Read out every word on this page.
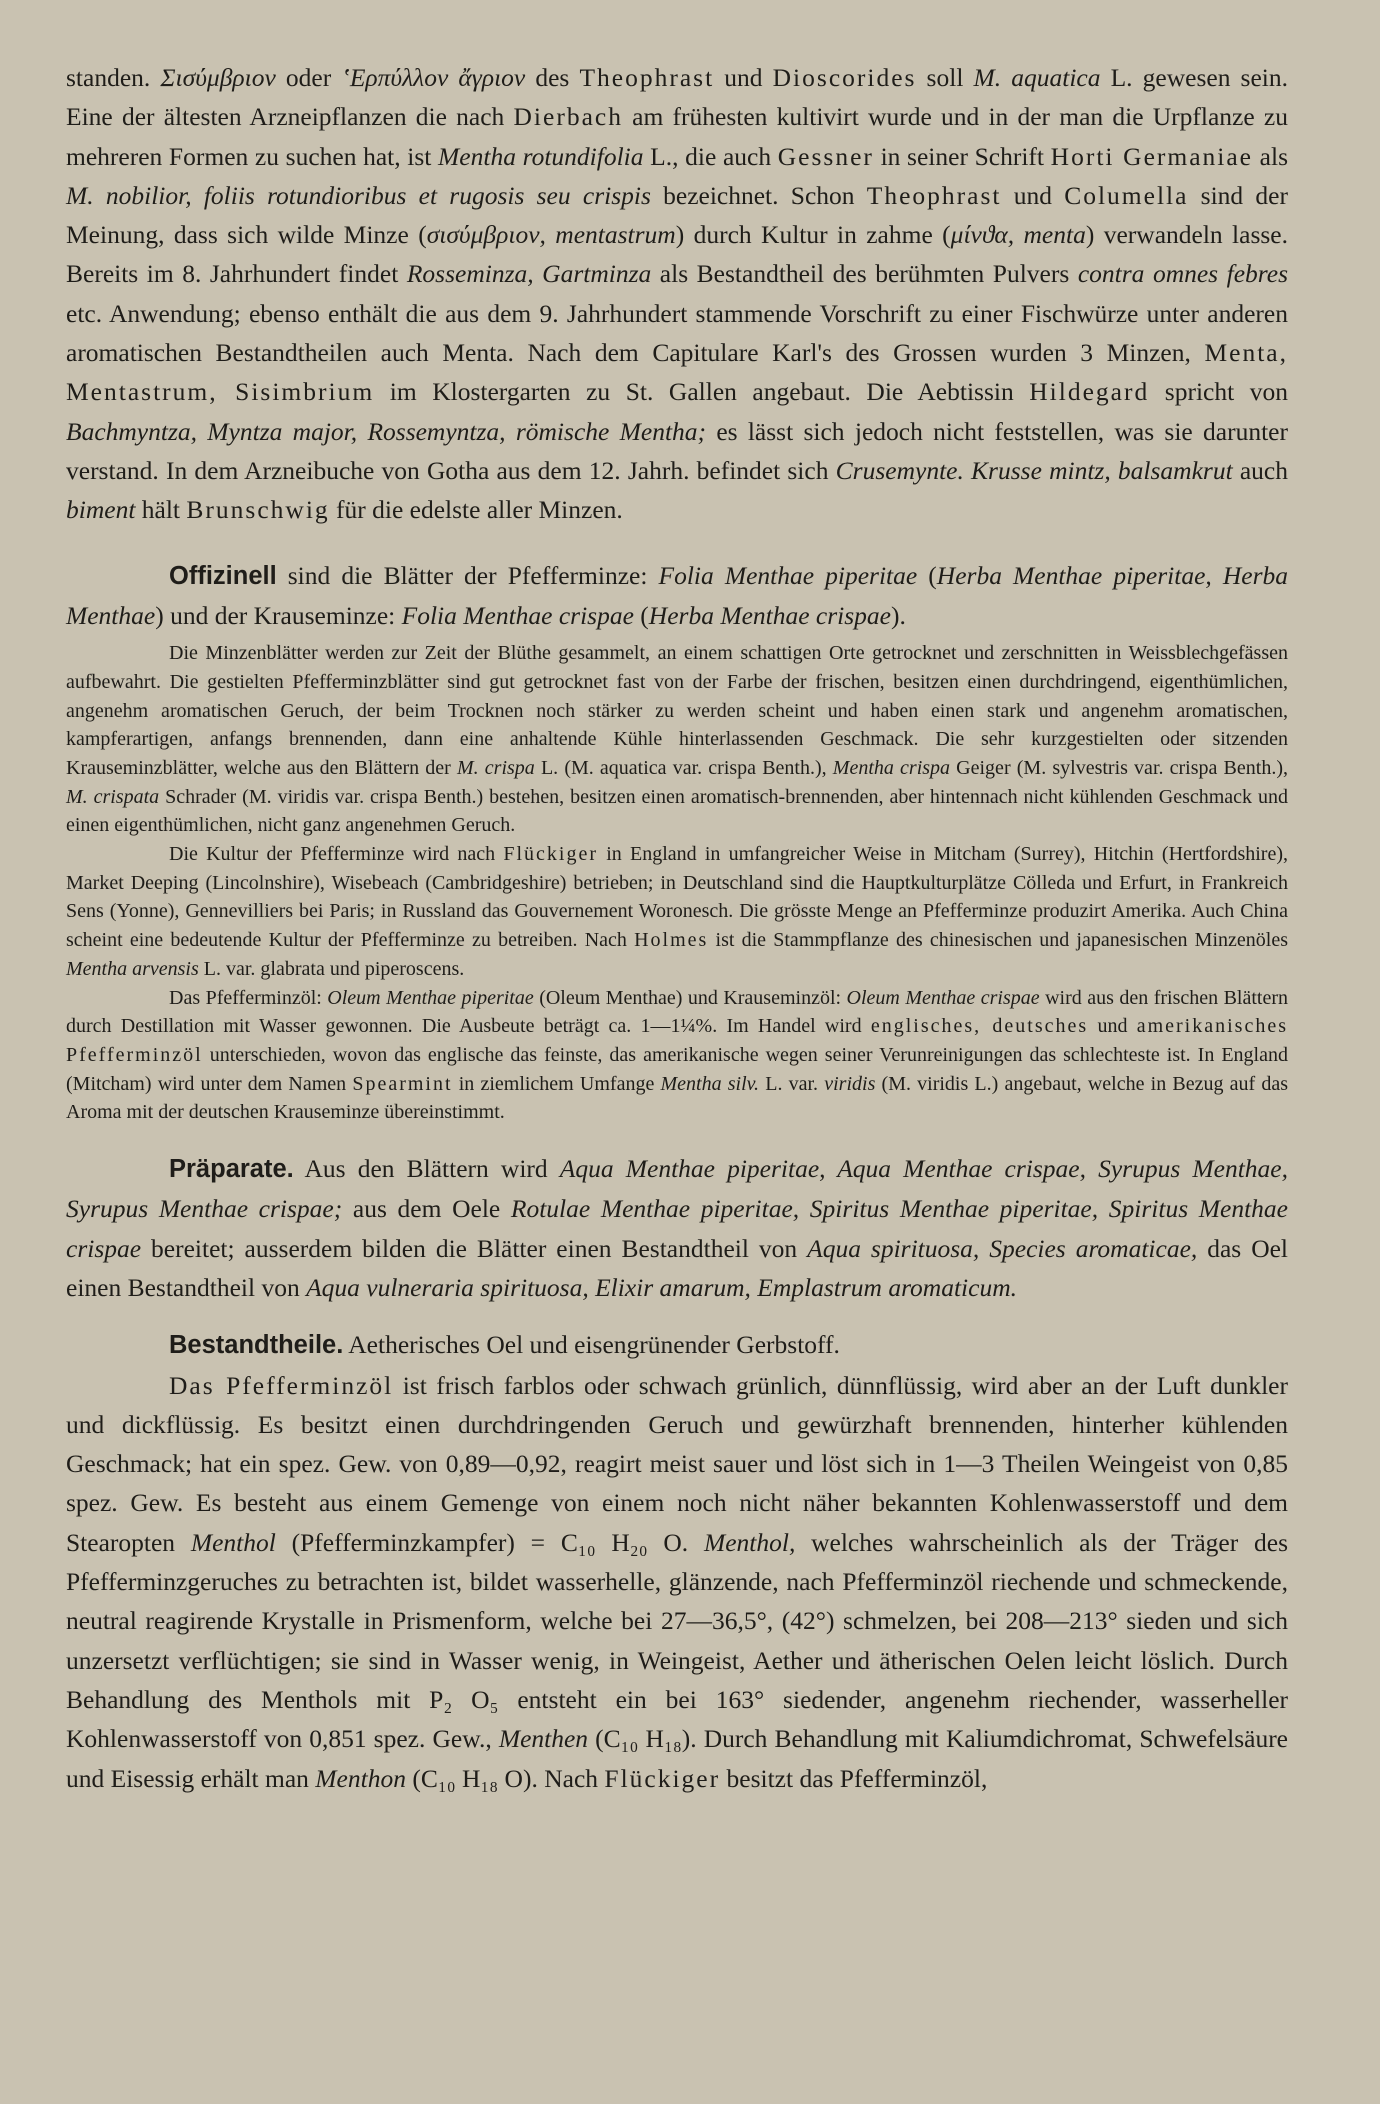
standen. Σισύμβριον oder ʽΕρπύλλον ἄγριον des Theophrast und Dioscorides soll M. aquatica L. gewesen sein. Eine der ältesten Arzneipflanzen die nach Dierbach am frühesten kultivirt wurde und in der man die Urpflanze zu mehreren Formen zu suchen hat, ist Mentha rotundifolia L., die auch Gessner in seiner Schrift Horti Germaniae als M. nobilior, foliis rotundioribus et rugosis seu crispis bezeichnet. Schon Theophrast und Columella sind der Meinung, dass sich wilde Minze (σισύμβριον, mentastrum) durch Kultur in zahme (μίνϑα, menta) verwandeln lasse. Bereits im 8. Jahrhundert findet Rosseminza, Gartminza als Bestandtheil des berühmten Pulvers contra omnes febres etc. Anwendung; ebenso enthält die aus dem 9. Jahrhundert stammende Vorschrift zu einer Fischwürze unter anderen aromatischen Bestandtheilen auch Menta. Nach dem Capitulare Karl's des Grossen wurden 3 Minzen, Menta, Mentastrum, Sisimbrium im Klostergarten zu St. Gallen angebaut. Die Aebtissin Hildegard spricht von Bachmyntza, Myntza major, Rossemyntza, römische Mentha; es lässt sich jedoch nicht feststellen, was sie darunter verstand. In dem Arzneibuche von Gotha aus dem 12. Jahrh. befindet sich Crusemynte. Krusse mintz, balsamkrut auch biment hält Brunschwig für die edelste aller Minzen.

Offizinell sind die Blätter der Pfefferminze: Folia Menthae piperitae (Herba Menthae piperitae, Herba Menthae) und der Krauseminze: Folia Menthae crispae (Herba Menthae crispae).

Die Minzenblätter werden zur Zeit der Blüthe gesammelt, an einem schattigen Orte getrocknet und zerschnitten in Weissblechgefässen aufbewahrt. Die gestielten Pfefferminzblätter sind gut getrocknet fast von der Farbe der frischen, besitzen einen durchdringend, eigenthümlichen, angenehm aromatischen Geruch, der beim Trocknen noch stärker zu werden scheint und haben einen stark und angenehm aromatischen, kampferartigen, anfangs brennenden, dann eine anhaltende Kühle hinterlassenden Geschmack. Die sehr kurzgestielten oder sitzenden Krauseminzblätter, welche aus den Blättern der M. crispa L. (M. aquatica var. crispa Benth.), Mentha crispa Geiger (M. sylvestris var. crispa Benth.), M. crispata Schrader (M. viridis var. crispa Benth.) bestehen, besitzen einen aromatisch-brennenden, aber hintennach nicht kühlenden Geschmack und einen eigenthümlichen, nicht ganz angenehmen Geruch.

Die Kultur der Pfefferminze wird nach Flückiger in England in umfangreicher Weise in Mitcham (Surrey), Hitchin (Hertfordshire), Market Deeping (Lincolnshire), Wisebeach (Cambridgeshire) betrieben; in Deutschland sind die Hauptkulturplätze Cölleda und Erfurt, in Frankreich Sens (Yonne), Gennevilliers bei Paris; in Russland das Gouvernement Woronesch. Die grösste Menge an Pfefferminze produzirt Amerika. Auch China scheint eine bedeutende Kultur der Pfefferminze zu betreiben. Nach Holmes ist die Stammpflanze des chinesischen und japanesischen Minzenöles Mentha arvensis L. var. glabrata und piperoscens.

Das Pfefferminzöl: Oleum Menthae piperitae (Oleum Menthae) und Krauseminzöl: Oleum Menthae crispae wird aus den frischen Blättern durch Destillation mit Wasser gewonnen. Die Ausbeute beträgt ca. 1—1¼%. Im Handel wird englisches, deutsches und amerikanisches Pfefferminzöl unterschieden, wovon das englische das feinste, das amerikanische wegen seiner Verunreinigungen das schlechteste ist. In England (Mitcham) wird unter dem Namen Spearmint in ziemlichem Umfange Mentha silv. L. var. viridis (M. viridis L.) angebaut, welche in Bezug auf das Aroma mit der deutschen Krauseminze übereinstimmt.

Präparate. Aus den Blättern wird Aqua Menthae piperitae, Aqua Menthae crispae, Syrupus Menthae, Syrupus Menthae crispae; aus dem Oele Rotulae Menthae piperitae, Spiritus Menthae piperitae, Spiritus Menthae crispae bereitet; ausserdem bilden die Blätter einen Bestandtheil von Aqua spirituosa, Species aromaticae, das Oel einen Bestandtheil von Aqua vulneraria spirituosa, Elixir amarum, Emplastrum aromaticum.

Bestandtheile. Aetherisches Oel und eisengrünender Gerbstoff.

Das Pfefferminzöl ist frisch farblos oder schwach grünlich, dünnflüssig, wird aber an der Luft dunkler und dickflüssig. Es besitzt einen durchdringenden Geruch und gewürzhaft brennenden, hinterher kühlenden Geschmack; hat ein spez. Gew. von 0,89—0,92, reagirt meist sauer und löst sich in 1—3 Theilen Weingeist von 0,85 spez. Gew. Es besteht aus einem Gemenge von einem noch nicht näher bekannten Kohlenwasserstoff und dem Stearopten Menthol (Pfefferminzkampfer) = C₁₀ H₂₀ O. Menthol, welches wahrscheinlich als der Träger des Pfefferminzgeruches zu betrachten ist, bildet wasserhelle, glänzende, nach Pfefferminzöl riechende und schmeckende, neutral reagirende Krystalle in Prismenform, welche bei 27—36,5°, (42°) schmelzen, bei 208—213° sieden und sich unzersetzt verflüchtigen; sie sind in Wasser wenig, in Weingeist, Aether und ätherischen Oelen leicht löslich. Durch Behandlung des Menthols mit P₂ O₅ entsteht ein bei 163° siedender, angenehm riechender, wasserheller Kohlenwasserstoff von 0,851 spez. Gew., Menthen (C₁₀ H₁₈). Durch Behandlung mit Kaliumdichromat, Schwefelsäure und Eisessig erhält man Menthon (C₁₀ H₁₈ O). Nach Flückiger besitzt das Pfefferminzöl,
